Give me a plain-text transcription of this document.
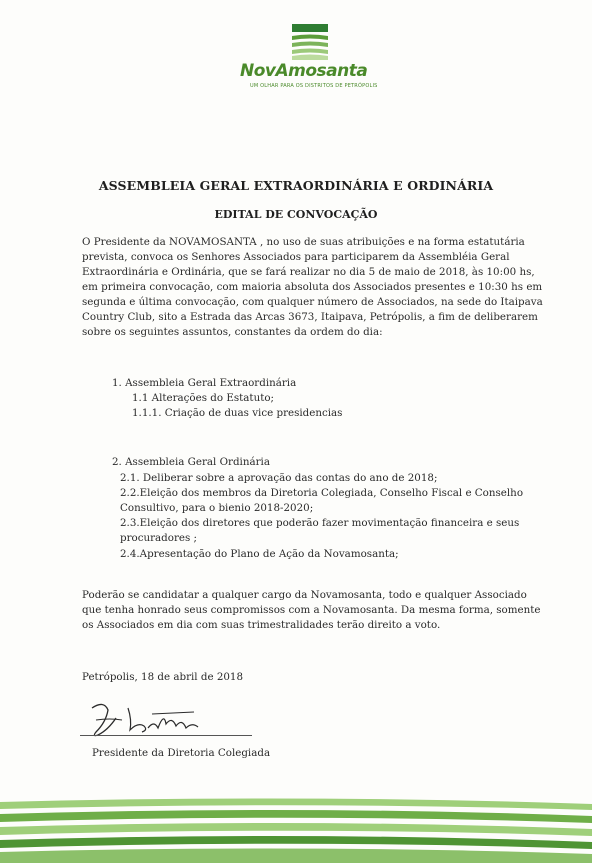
NovAmosanta
UM OLHAR PARA OS DISTRITOS DE PETRÓPOLIS
ASSEMBLEIA GERAL EXTRAORDINÁRIA E ORDINÁRIA
EDITAL DE CONVOCAÇÃO
O Presidente da NOVAMOSANTA , no uso de suas atribuições e na forma estatutária
prevista, convoca os Senhores Associados para participarem da Assembléia Geral
Extraordinária e Ordinária, que se fará realizar no dia 5 de maio de 2018, às 10:00 hs,
em primeira convocação, com maioria absoluta dos Associados presentes e 10:30 hs em
segunda e última convocação, com qualquer número de Associados, na sede do Itaipava
Country Club, sito a Estrada das Arcas 3673, Itaipava, Petrópolis, a fim de deliberarem
sobre os seguintes assuntos, constantes da ordem do dia:
1. Assembleia Geral Extraordinária
1.1 Alterações do Estatuto;
1.1.1. Criação de duas vice presidencias
2. Assembleia Geral Ordinária
2.1. Deliberar sobre a aprovação das contas do ano de 2018;
2.2.Eleição dos membros da Diretoria Colegiada, Conselho Fiscal e Conselho
Consultivo, para o bienio 2018-2020;
2.3.Eleição dos diretores que poderão fazer movimentação financeira e seus
procuradores ;
2.4.Apresentação do Plano de Ação da Novamosanta;
Poderão se candidatar a qualquer cargo da Novamosanta, todo e qualquer Associado
que tenha honrado seus compromissos com a Novamosanta. Da mesma forma, somente
os Associados em dia com suas trimestralidades terão direito a voto.
Petrópolis, 18 de abril de 2018
Presidente da Diretoria Colegiada
